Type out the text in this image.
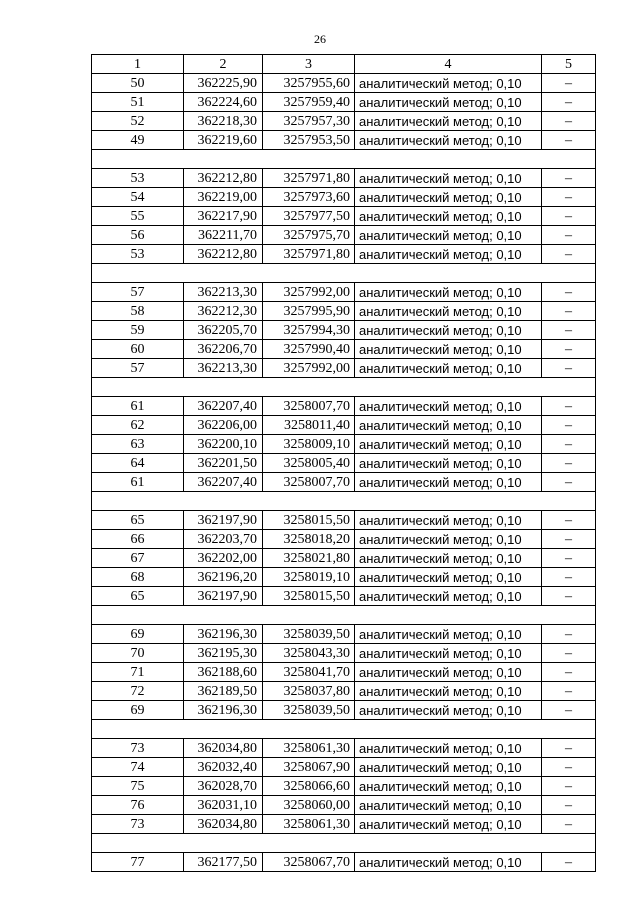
26
1	2	3	4	5
50	362225,90	3257955,60	аналитический метод; 0,10	–
51	362224,60	3257959,40	аналитический метод; 0,10	–
52	362218,30	3257957,30	аналитический метод; 0,10	–
49	362219,60	3257953,50	аналитический метод; 0,10	–

53	362212,80	3257971,80	аналитический метод; 0,10	–
54	362219,00	3257973,60	аналитический метод; 0,10	–
55	362217,90	3257977,50	аналитический метод; 0,10	–
56	362211,70	3257975,70	аналитический метод; 0,10	–
53	362212,80	3257971,80	аналитический метод; 0,10	–

57	362213,30	3257992,00	аналитический метод; 0,10	–
58	362212,30	3257995,90	аналитический метод; 0,10	–
59	362205,70	3257994,30	аналитический метод; 0,10	–
60	362206,70	3257990,40	аналитический метод; 0,10	–
57	362213,30	3257992,00	аналитический метод; 0,10	–

61	362207,40	3258007,70	аналитический метод; 0,10	–
62	362206,00	3258011,40	аналитический метод; 0,10	–
63	362200,10	3258009,10	аналитический метод; 0,10	–
64	362201,50	3258005,40	аналитический метод; 0,10	–
61	362207,40	3258007,70	аналитический метод; 0,10	–

65	362197,90	3258015,50	аналитический метод; 0,10	–
66	362203,70	3258018,20	аналитический метод; 0,10	–
67	362202,00	3258021,80	аналитический метод; 0,10	–
68	362196,20	3258019,10	аналитический метод; 0,10	–
65	362197,90	3258015,50	аналитический метод; 0,10	–

69	362196,30	3258039,50	аналитический метод; 0,10	–
70	362195,30	3258043,30	аналитический метод; 0,10	–
71	362188,60	3258041,70	аналитический метод; 0,10	–
72	362189,50	3258037,80	аналитический метод; 0,10	–
69	362196,30	3258039,50	аналитический метод; 0,10	–

73	362034,80	3258061,30	аналитический метод; 0,10	–
74	362032,40	3258067,90	аналитический метод; 0,10	–
75	362028,70	3258066,60	аналитический метод; 0,10	–
76	362031,10	3258060,00	аналитический метод; 0,10	–
73	362034,80	3258061,30	аналитический метод; 0,10	–

77	362177,50	3258067,70	аналитический метод; 0,10	–
